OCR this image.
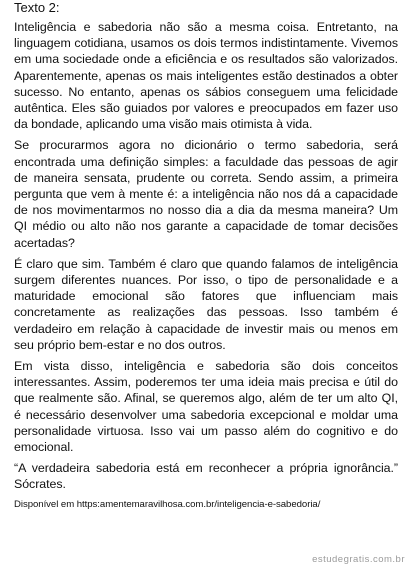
Texto 2:

Inteligência e sabedoria não são a mesma coisa. Entretanto, na linguagem cotidiana, usamos os dois termos indistintamente. Vivemos em uma sociedade onde a eficiência e os resultados são valorizados. Aparentemente, apenas os mais inteligentes estão destinados a obter sucesso. No entanto, apenas os sábios conseguem uma felicidade autêntica. Eles são guiados por valores e preocupados em fazer uso da bondade, aplicando uma visão mais otimista à vida.

Se procurarmos agora no dicionário o termo sabedoria, será encontrada uma definição simples: a faculdade das pessoas de agir de maneira sensata, prudente ou correta. Sendo assim, a primeira pergunta que vem à mente é: a inteligência não nos dá a capacidade de nos movimentarmos no nosso dia a dia da mesma maneira? Um QI médio ou alto não nos garante a capacidade de tomar decisões acertadas?

É claro que sim. Também é claro que quando falamos de inteligência surgem diferentes nuances. Por isso, o tipo de personalidade e a maturidade emocional são fatores que influenciam mais concretamente as realizações das pessoas. Isso também é verdadeiro em relação à capacidade de investir mais ou menos em seu próprio bem-estar e no dos outros.

Em vista disso, inteligência e sabedoria são dois conceitos interessantes. Assim, poderemos ter uma ideia mais precisa e útil do que realmente são. Afinal, se queremos algo, além de ter um alto QI, é necessário desenvolver uma sabedoria excepcional e moldar uma personalidade virtuosa. Isso vai um passo além do cognitivo e do emocional.

“A verdadeira sabedoria está em reconhecer a própria ignorância.” Sócrates.

Disponível em https:amentemaravilhosa.com.br/inteligencia-e-sabedoria/

estudegratis.com.br
